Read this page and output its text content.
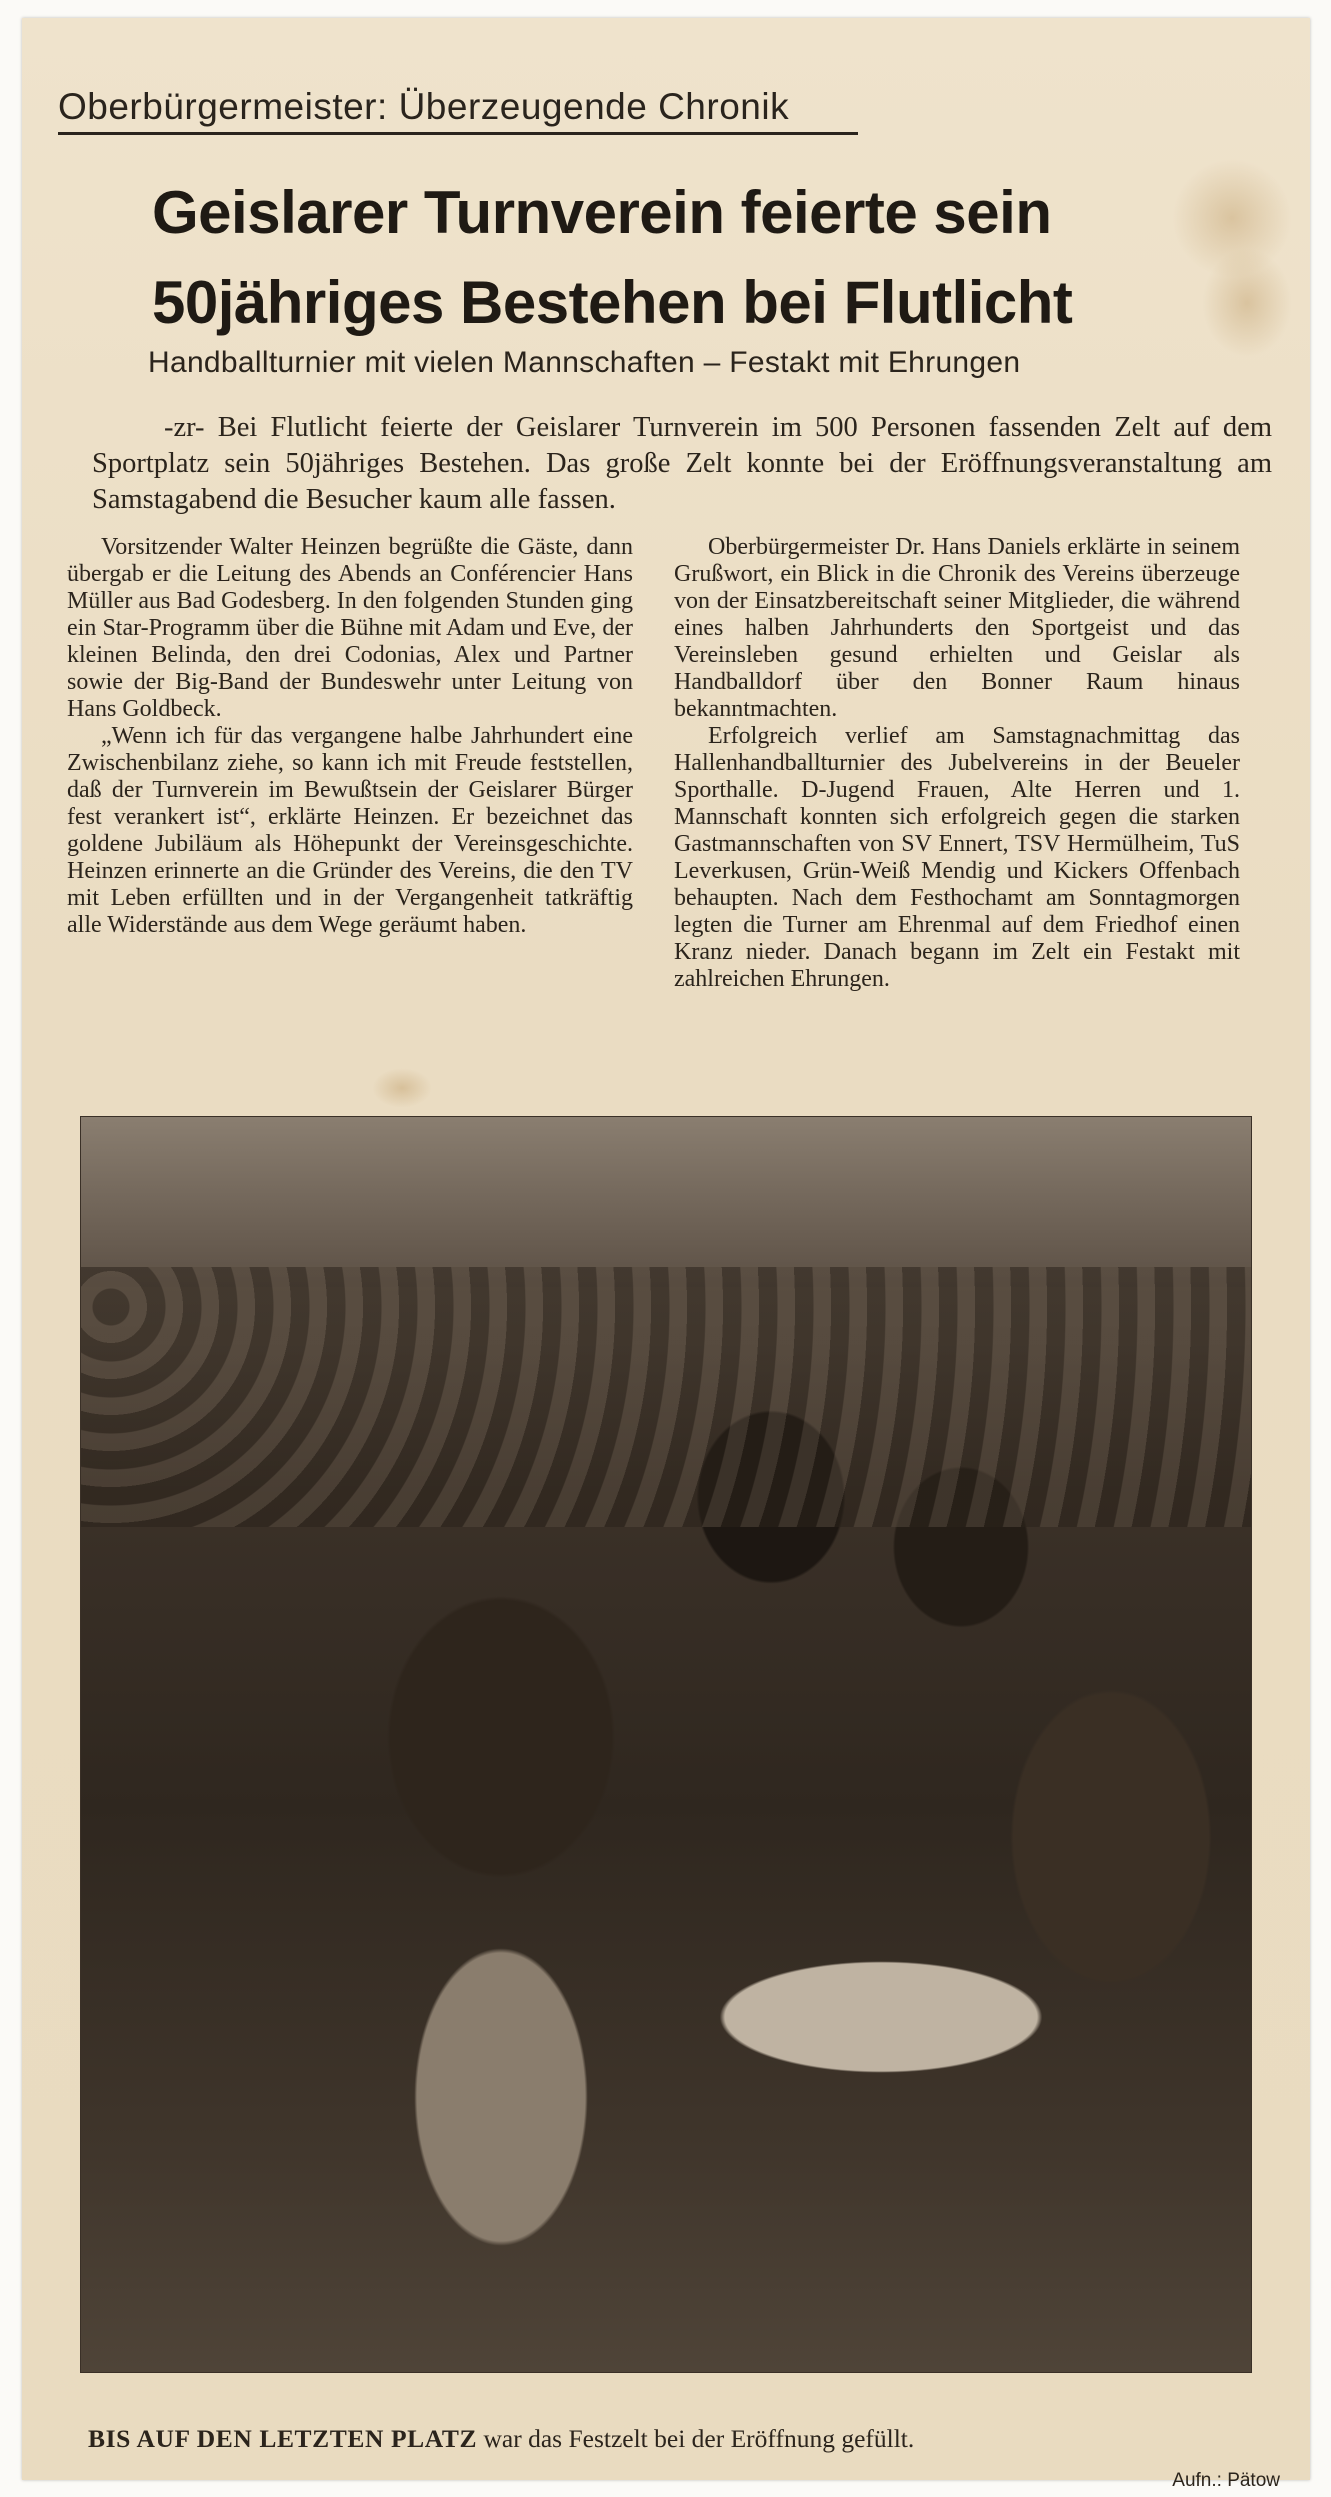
Oberbürgermeister: Überzeugende Chronik
Geislarer Turnverein feierte sein
50jähriges Bestehen bei Flutlicht
Handballturnier mit vielen Mannschaften – Festakt mit Ehrungen
-zr- Bei Flutlicht feierte der Geislarer Turnverein im 500 Personen fassenden Zelt auf dem Sportplatz sein 50jähriges Bestehen. Das große Zelt konnte bei der Eröffnungsveranstaltung am Samstagabend die Besucher kaum alle fassen.

Vorsitzender Walter Heinzen begrüßte die Gäste, dann übergab er die Leitung des Abends an Conférencier Hans Müller aus Bad Godesberg. In den folgenden Stunden ging ein Star-Programm über die Bühne mit Adam und Eve, der kleinen Belinda, den drei Codonias, Alex und Partner sowie der Big-Band der Bundeswehr unter Leitung von Hans Goldbeck.

„Wenn ich für das vergangene halbe Jahrhundert eine Zwischenbilanz ziehe, so kann ich mit Freude feststellen, daß der Turnverein im Bewußtsein der Geislarer Bürger fest verankert ist“, erklärte Heinzen. Er bezeichnet das goldene Jubiläum als Höhepunkt der Vereinsgeschichte. Heinzen erinnerte an die Gründer des Vereins, die den TV mit Leben erfüllten und in der Vergangenheit tatkräftig alle Widerstände aus dem Wege geräumt haben.

Oberbürgermeister Dr. Hans Daniels erklärte in seinem Grußwort, ein Blick in die Chronik des Vereins überzeuge von der Einsatzbereitschaft seiner Mitglieder, die während eines halben Jahrhunderts den Sportgeist und das Vereinsleben gesund erhielten und Geislar als Handballdorf über den Bonner Raum hinaus bekanntmachten.

Erfolgreich verlief am Samstagnachmittag das Hallenhandballturnier des Jubelvereins in der Beueler Sporthalle. D-Jugend Frauen, Alte Herren und 1. Mannschaft konnten sich erfolgreich gegen die starken Gastmannschaften von SV Ennert, TSV Hermülheim, TuS Leverkusen, Grün-Weiß Mendig und Kickers Offenbach behaupten. Nach dem Festhochamt am Sonntagmorgen legten die Turner am Ehrenmal auf dem Friedhof einen Kranz nieder. Danach begann im Zelt ein Festakt mit zahlreichen Ehrungen.

BIS AUF DEN LETZTEN PLATZ war das Festzelt bei der Eröffnung gefüllt.
Aufn.: Pätow
